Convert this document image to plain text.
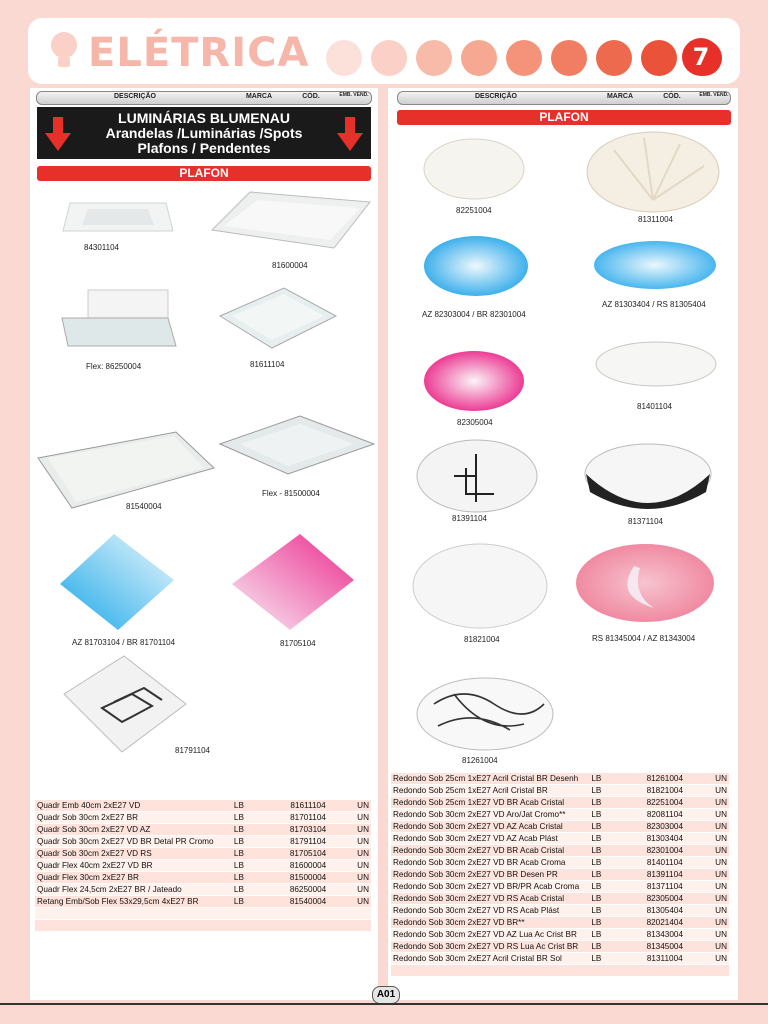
ELÉTRICA	7
DESCRIÇÃO	MARCA	CÓD.	EMB. VEND.	DESCRIÇÃO	MARCA	CÓD.	EMB. VEND.
LUMINÁRIAS BLUMENAU
Arandelas /Luminárias /Spots
Plafons / Pendentes
PLAFON
PLAFON
84301104
81600004
Flex: 86250004	81611104
81540004
Flex - 81500004
AZ 81703104 / BR 81701104	81705104
81791104
82251004
81311004
AZ 82303004 / BR 82301004
AZ 81303404 / RS 81305404
82305004
81401104
81391104	81371104
81821004	RS 81345004 / AZ 81343004
81261004
Quadr Emb 40cm 2xE27 VD	LB	81611104	UN
Quadr Sob 30cm 2xE27 BR	LB	81701104	UN
Quadr Sob 30cm 2xE27 VD AZ	LB	81703104	UN
Quadr Sob 30cm 2xE27 VD BR Detal PR Cromo	LB	81791104	UN
Quadr Sob 30cm 2xE27 VD RS	LB	81705104	UN
Quadr Flex 40cm 2xE27 VD BR	LB	81600004	UN
Quadr Flex 30cm 2xE27 BR	LB	81500004	UN
Quadr Flex 24,5cm 2xE27 BR / Jateado	LB	86250004	UN
Retang Emb/Sob Flex 53x29,5cm 4xE27 BR	LB	81540004	UN

Redondo Sob 25cm 1xE27 Acril Cristal BR Desenh	LB	81261004	UN
Redondo Sob 25cm 1xE27 Acril Cristal BR	LB	81821004	UN
Redondo Sob 25cm 1xE27 VD BR Acab Cristal	LB	82251004	UN
Redondo Sob 30cm 2xE27 VD Aro/Jat Cromo**	LB	82081104	UN
Redondo Sob 30cm 2xE27 VD AZ Acab Cristal	LB	82303004	UN
Redondo Sob 30cm 2xE27 VD AZ Acab Plást	LB	81303404	UN
Redondo Sob 30cm 2xE27 VD BR Acab Cristal	LB	82301004	UN
Redondo Sob 30cm 2xE27 VD BR Acab Croma	LB	81401104	UN
Redondo Sob 30cm 2xE27 VD BR Desen PR	LB	81391104	UN
Redondo Sob 30cm 2xE27 VD BR/PR Acab Croma	LB	81371104	UN
Redondo Sob 30cm 2xE27 VD RS Acab Cristal	LB	82305004	UN
Redondo Sob 30cm 2xE27 VD RS Acab Plást	LB	81305404	UN
Redondo Sob 30cm 2xE27 VD BR**	LB	82021404	UN
Redondo Sob 30cm 2xE27 VD AZ Lua Ac Crist BR	LB	81343004	UN
Redondo Sob 30cm 2xE27 VD RS Lua Ac Crist BR	LB	81345004	UN
Redondo Sob 30cm 2xE27 Acril Cristal BR Sol	LB	81311004	UN

A01
